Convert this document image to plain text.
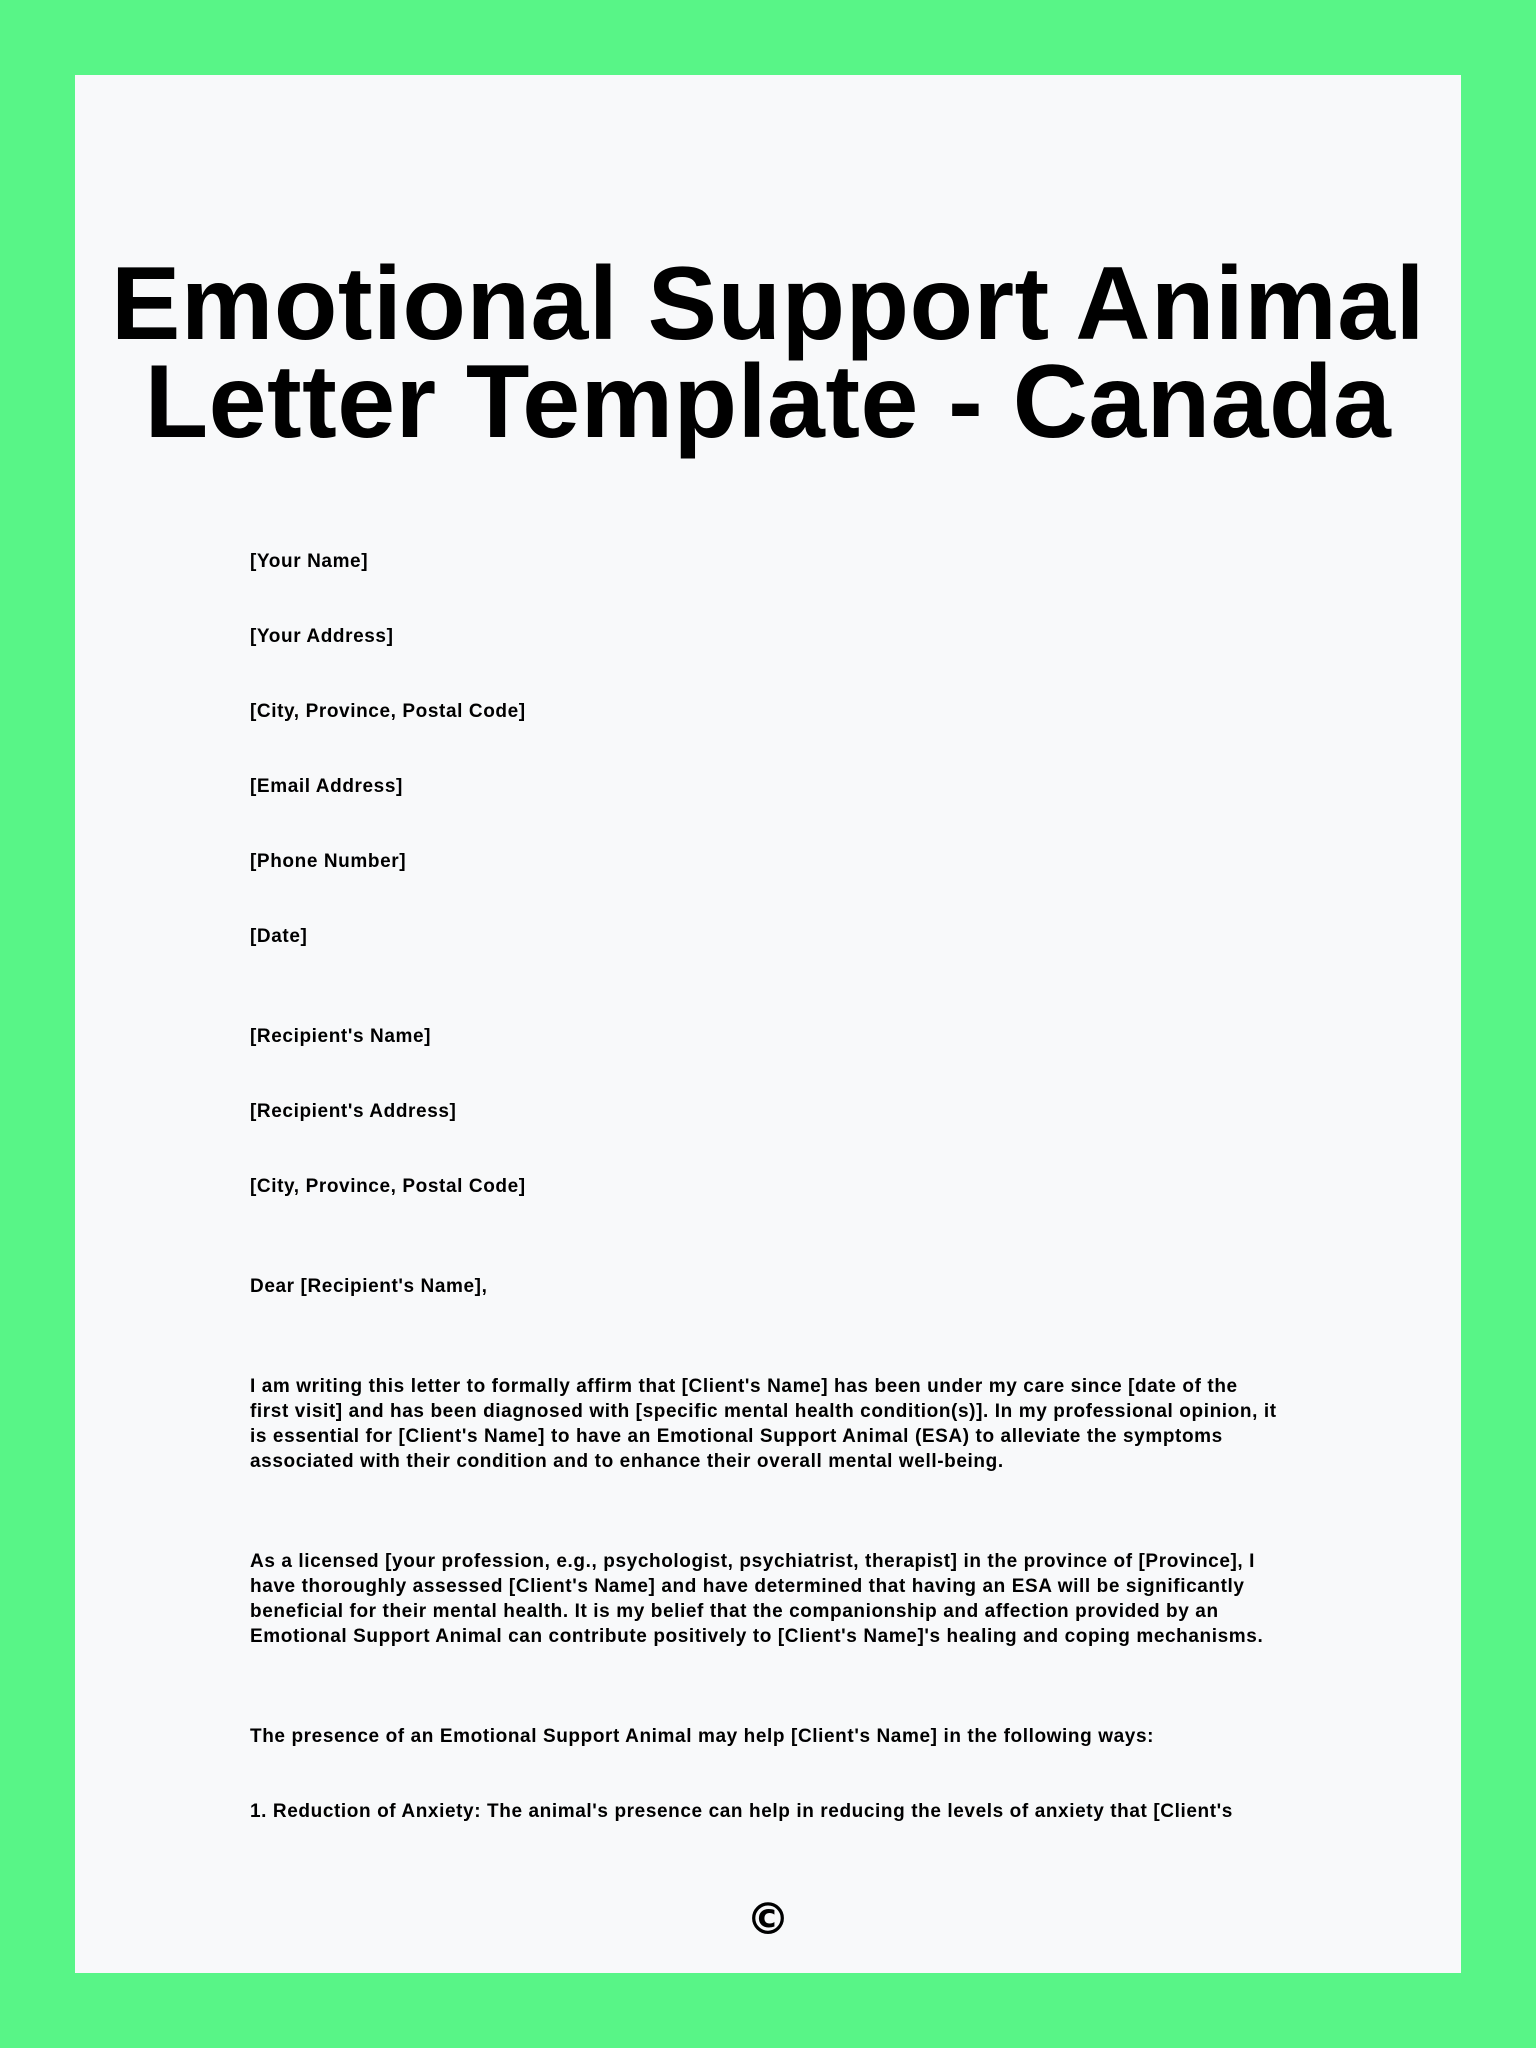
Emotional Support Animal
Letter Template - Canada

[Your Name]

[Your Address]

[City, Province, Postal Code]

[Email Address]

[Phone Number]

[Date]

[Recipient's Name]

[Recipient's Address]

[City, Province, Postal Code]

Dear [Recipient's Name],

I am writing this letter to formally affirm that [Client's Name] has been under my care since [date of the first visit] and has been diagnosed with [specific mental health condition(s)]. In my professional opinion, it is essential for [Client's Name] to have an Emotional Support Animal (ESA) to alleviate the symptoms associated with their condition and to enhance their overall mental well-being.

As a licensed [your profession, e.g., psychologist, psychiatrist, therapist] in the province of [Province], I have thoroughly assessed [Client's Name] and have determined that having an ESA will be significantly beneficial for their mental health. It is my belief that the companionship and affection provided by an Emotional Support Animal can contribute positively to [Client's Name]'s healing and coping mechanisms.

The presence of an Emotional Support Animal may help [Client's Name] in the following ways:

1. Reduction of Anxiety: The animal's presence can help in reducing the levels of anxiety that [Client's

©
